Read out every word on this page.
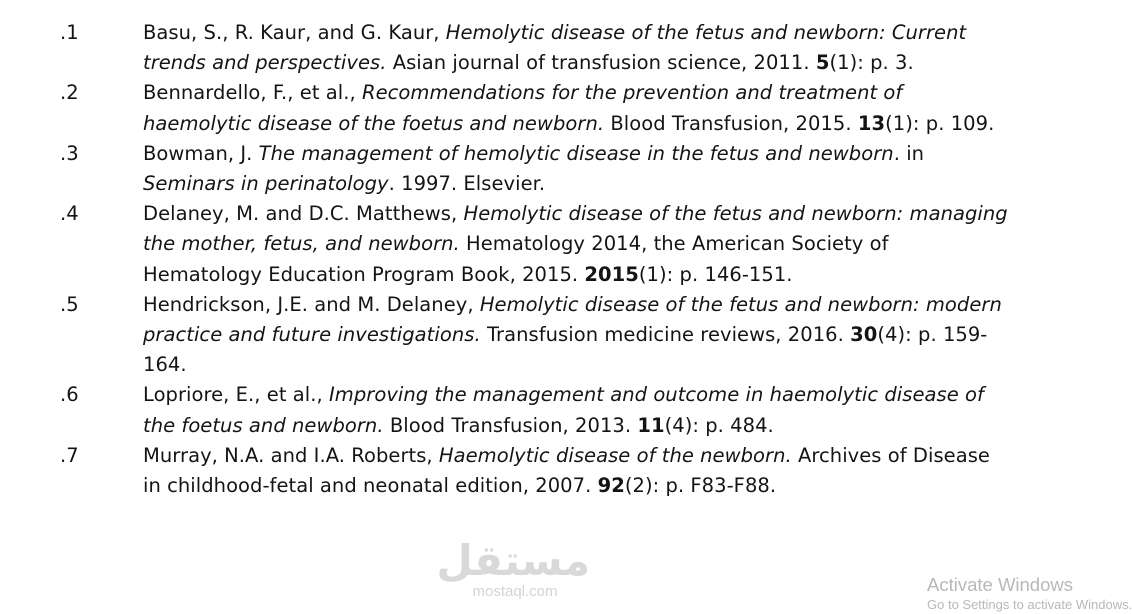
.1	Basu, S., R. Kaur, and G. Kaur, Hemolytic disease of the fetus and newborn: Current trends and perspectives. Asian journal of transfusion science, 2011. 5(1): p. 3.
.2	Bennardello, F., et al., Recommendations for the prevention and treatment of haemolytic disease of the foetus and newborn. Blood Transfusion, 2015. 13(1): p. 109.
.3	Bowman, J. The management of hemolytic disease in the fetus and newborn. in Seminars in perinatology. 1997. Elsevier.
.4	Delaney, M. and D.C. Matthews, Hemolytic disease of the fetus and newborn: managing the mother, fetus, and newborn. Hematology 2014, the American Society of Hematology Education Program Book, 2015. 2015(1): p. 146-151.
.5	Hendrickson, J.E. and M. Delaney, Hemolytic disease of the fetus and newborn: modern practice and future investigations. Transfusion medicine reviews, 2016. 30(4): p. 159-164.
.6	Lopriore, E., et al., Improving the management and outcome in haemolytic disease of the foetus and newborn. Blood Transfusion, 2013. 11(4): p. 484.
.7	Murray, N.A. and I.A. Roberts, Haemolytic disease of the newborn. Archives of Disease in childhood-fetal and neonatal edition, 2007. 92(2): p. F83-F88.
مستقل
mostaql.com	Activate Windows
Go to Settings to activate Windows.
